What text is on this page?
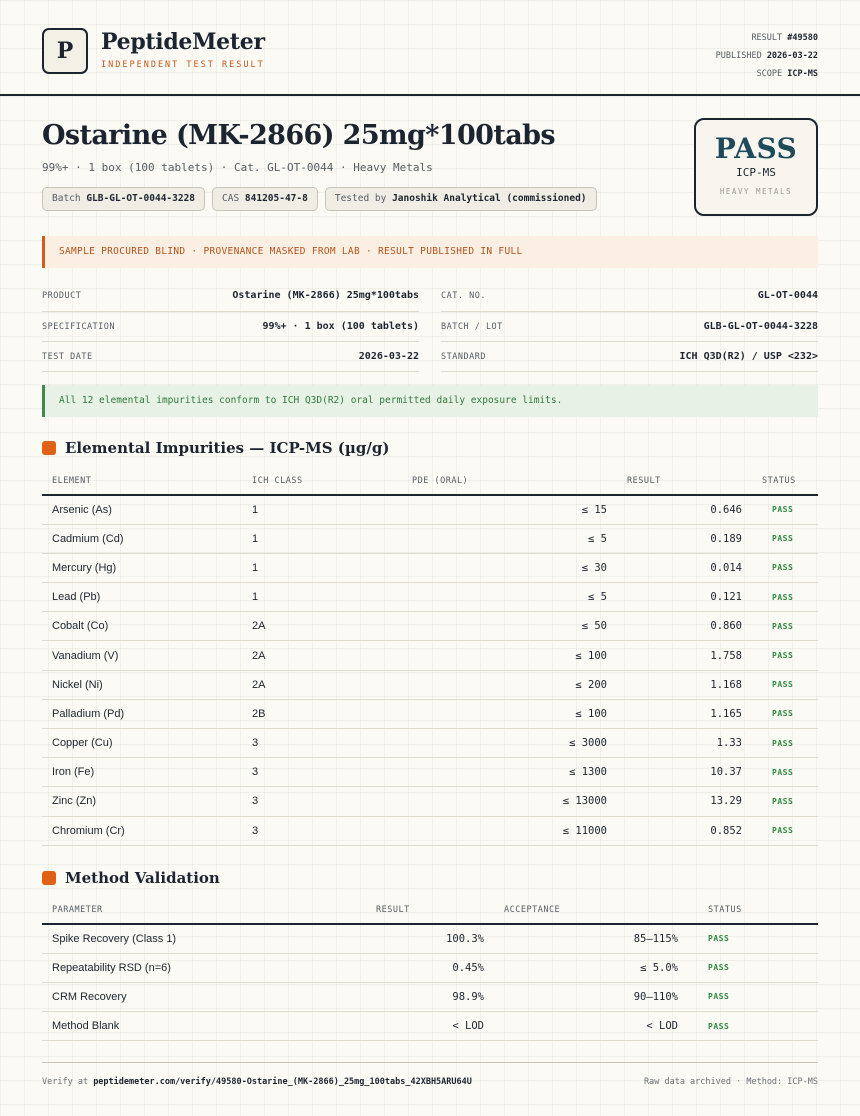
P	PeptideMeter
INDEPENDENT TEST RESULT
RESULT #49580
PUBLISHED 2026-03-22
SCOPE ICP-MS
Ostarine (MK-2866) 25mg*100tabs
99%+ · 1 box (100 tablets) · Cat. GL-OT-0044 · Heavy Metals
Batch GLB-GL-OT-0044-3228	CAS 841205-47-8	Tested by Janoshik Analytical (commissioned)
PASS
ICP-MS
HEAVY METALS
SAMPLE PROCURED BLIND · PROVENANCE MASKED FROM LAB · RESULT PUBLISHED IN FULL
PRODUCT	Ostarine (MK-2866) 25mg*100tabs
SPECIFICATION	99%+ · 1 box (100 tablets)
TEST DATE	2026-03-22
CAT. NO.	GL-OT-0044
BATCH / LOT	GLB-GL-OT-0044-3228
STANDARD	ICH Q3D(R2) / USP <232>
All 12 elemental impurities conform to ICH Q3D(R2) oral permitted daily exposure limits.
Elemental Impurities — ICP-MS (µg/g)
ELEMENT	ICH CLASS	PDE (ORAL)	RESULT	STATUS
Arsenic (As)	1	≤ 15	0.646	PASS
Cadmium (Cd)	1	≤ 5	0.189	PASS
Mercury (Hg)	1	≤ 30	0.014	PASS
Lead (Pb)	1	≤ 5	0.121	PASS
Cobalt (Co)	2A	≤ 50	0.860	PASS
Vanadium (V)	2A	≤ 100	1.758	PASS
Nickel (Ni)	2A	≤ 200	1.168	PASS
Palladium (Pd)	2B	≤ 100	1.165	PASS
Copper (Cu)	3	≤ 3000	1.33	PASS
Iron (Fe)	3	≤ 1300	10.37	PASS
Zinc (Zn)	3	≤ 13000	13.29	PASS
Chromium (Cr)	3	≤ 11000	0.852	PASS
Method Validation
PARAMETER	RESULT	ACCEPTANCE	STATUS
Spike Recovery (Class 1)	100.3%	85–115%	PASS
Repeatability RSD (n=6)	0.45%	≤ 5.0%	PASS
CRM Recovery	98.9%	90–110%	PASS
Method Blank	< LOD	< LOD	PASS
Verify at peptidemeter.com/verify/49580-Ostarine_(MK-2866)_25mg_100tabs_42XBH5ARU64U	Raw data archived · Method: ICP-MS
